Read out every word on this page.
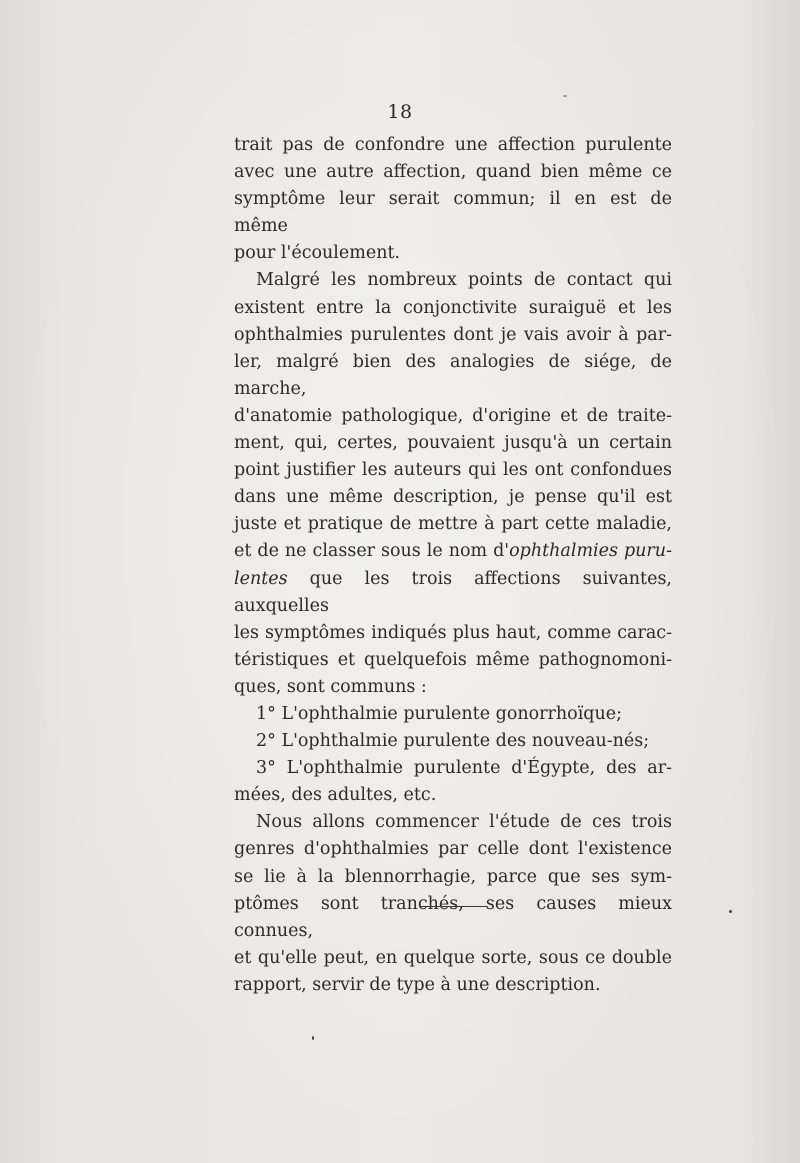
18

trait pas de confondre une affection purulente

avec une autre affection, quand bien même ce

symptôme leur serait commun; il en est de même

pour l'écoulement.

Malgré les nombreux points de contact qui

existent entre la conjonctivite suraiguë et les

ophthalmies purulentes dont je vais avoir à par-

ler, malgré bien des analogies de siége, de marche,

d'anatomie pathologique, d'origine et de traite-

ment, qui, certes, pouvaient jusqu'à un certain

point justifier les auteurs qui les ont confondues

dans une même description, je pense qu'il est

juste et pratique de mettre à part cette maladie,

et de ne classer sous le nom d'ophthalmies puru-

lentes que les trois affections suivantes, auxquelles

les symptômes indiqués plus haut, comme carac-

téristiques et quelquefois même pathognomoni-

ques, sont communs :

1° L'ophthalmie purulente gonorrhoïque;

2° L'ophthalmie purulente des nouveau-nés;

3° L'ophthalmie purulente d'Égypte, des ar-

mées, des adultes, etc.

Nous allons commencer l'étude de ces trois

genres d'ophthalmies par celle dont l'existence

se lie à la blennorrhagie, parce que ses sym-

ptômes sont tranchés, ses causes mieux connues,

et qu'elle peut, en quelque sorte, sous ce double

rapport, servir de type à une description.
